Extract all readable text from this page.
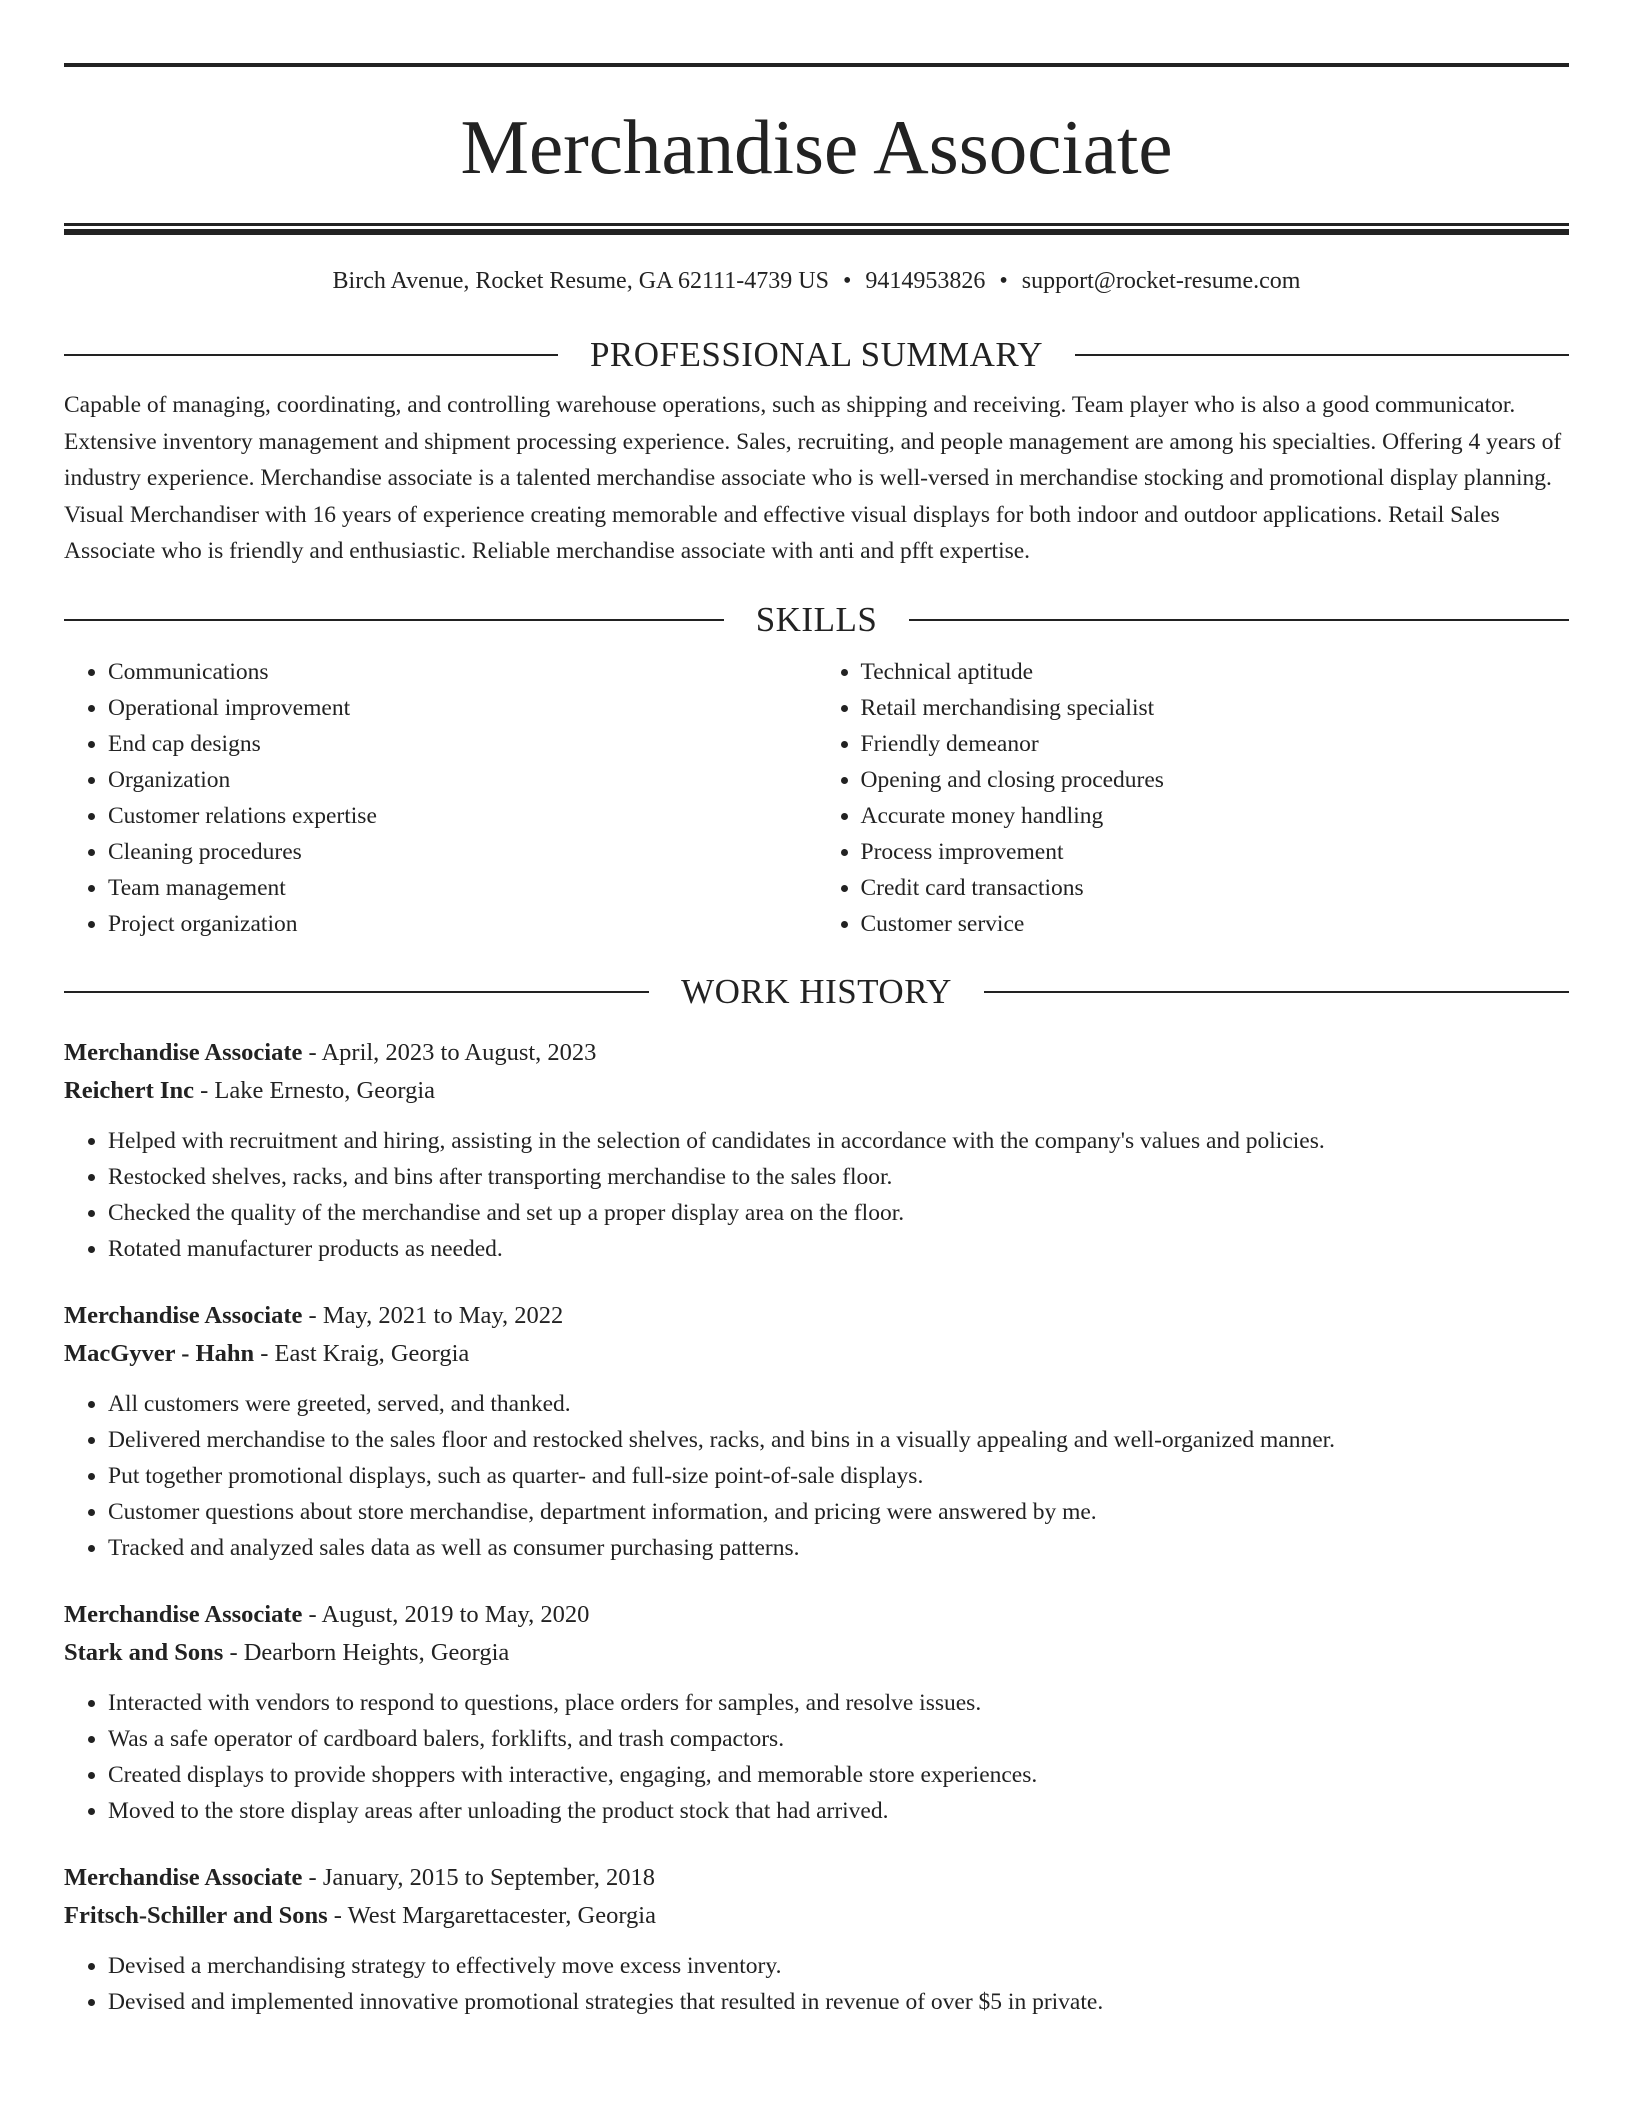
Merchandise Associate
Birch Avenue, Rocket Resume, GA 62111-4739 US • 9414953826 • support@rocket-resume.com
PROFESSIONAL SUMMARY
Capable of managing, coordinating, and controlling warehouse operations, such as shipping and receiving. Team player who is also a good communicator. Extensive inventory management and shipment processing experience. Sales, recruiting, and people management are among his specialties. Offering 4 years of industry experience. Merchandise associate is a talented merchandise associate who is well-versed in merchandise stocking and promotional display planning. Visual Merchandiser with 16 years of experience creating memorable and effective visual displays for both indoor and outdoor applications. Retail Sales Associate who is friendly and enthusiastic. Reliable merchandise associate with anti and pfft expertise.
SKILLS
• Communications
• Operational improvement
• End cap designs
• Organization
• Customer relations expertise
• Cleaning procedures
• Team management
• Project organization
• Technical aptitude
• Retail merchandising specialist
• Friendly demeanor
• Opening and closing procedures
• Accurate money handling
• Process improvement
• Credit card transactions
• Customer service
WORK HISTORY
Merchandise Associate - April, 2023 to August, 2023
Reichert Inc - Lake Ernesto, Georgia
• Helped with recruitment and hiring, assisting in the selection of candidates in accordance with the company's values and policies.
• Restocked shelves, racks, and bins after transporting merchandise to the sales floor.
• Checked the quality of the merchandise and set up a proper display area on the floor.
• Rotated manufacturer products as needed.
Merchandise Associate - May, 2021 to May, 2022
MacGyver - Hahn - East Kraig, Georgia
• All customers were greeted, served, and thanked.
• Delivered merchandise to the sales floor and restocked shelves, racks, and bins in a visually appealing and well-organized manner.
• Put together promotional displays, such as quarter- and full-size point-of-sale displays.
• Customer questions about store merchandise, department information, and pricing were answered by me.
• Tracked and analyzed sales data as well as consumer purchasing patterns.
Merchandise Associate - August, 2019 to May, 2020
Stark and Sons - Dearborn Heights, Georgia
• Interacted with vendors to respond to questions, place orders for samples, and resolve issues.
• Was a safe operator of cardboard balers, forklifts, and trash compactors.
• Created displays to provide shoppers with interactive, engaging, and memorable store experiences.
• Moved to the store display areas after unloading the product stock that had arrived.
Merchandise Associate - January, 2015 to September, 2018
Fritsch-Schiller and Sons - West Margarettacester, Georgia
• Devised a merchandising strategy to effectively move excess inventory.
• Devised and implemented innovative promotional strategies that resulted in revenue of over $5 in private.
